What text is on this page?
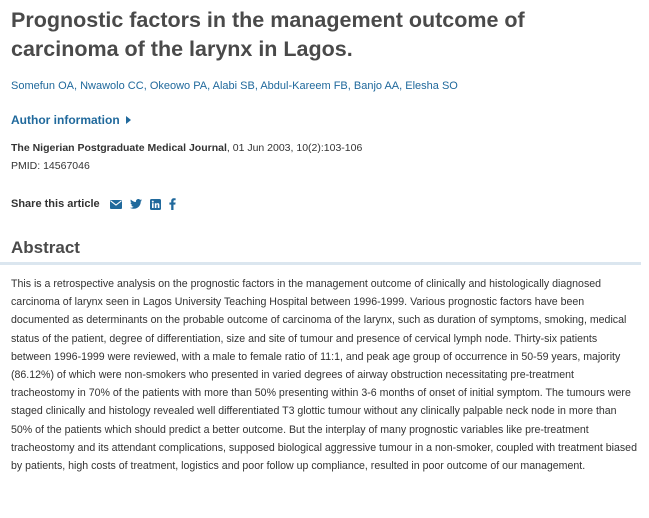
Prognostic factors in the management outcome of carcinoma of the larynx in Lagos.
Somefun OA, Nwawolo CC, Okeowo PA, Alabi SB, Abdul-Kareem FB, Banjo AA, Elesha SO
Author information
The Nigerian Postgraduate Medical Journal, 01 Jun 2003, 10(2):103-106
PMID: 14567046
Share this article
Abstract

This is a retrospective analysis on the prognostic factors in the management outcome of clinically and histologically diagnosed carcinoma of larynx seen in Lagos University Teaching Hospital between 1996-1999. Various prognostic factors have been documented as determinants on the probable outcome of carcinoma of the larynx, such as duration of symptoms, smoking, medical status of the patient, degree of differentiation, size and site of tumour and presence of cervical lymph node. Thirty-six patients between 1996-1999 were reviewed, with a male to female ratio of 11:1, and peak age group of occurrence in 50-59 years, majority (86.12%) of which were non-smokers who presented in varied degrees of airway obstruction necessitating pre-treatment tracheostomy in 70% of the patients with more than 50% presenting within 3-6 months of onset of initial symptom. The tumours were staged clinically and histology revealed well differentiated T3 glottic tumour without any clinically palpable neck node in more than 50% of the patients which should predict a better outcome. But the interplay of many prognostic variables like pre-treatment tracheostomy and its attendant complications, supposed biological aggressive tumour in a non-smoker, coupled with treatment biased by patients, high costs of treatment, logistics and poor follow up compliance, resulted in poor outcome of our management.
